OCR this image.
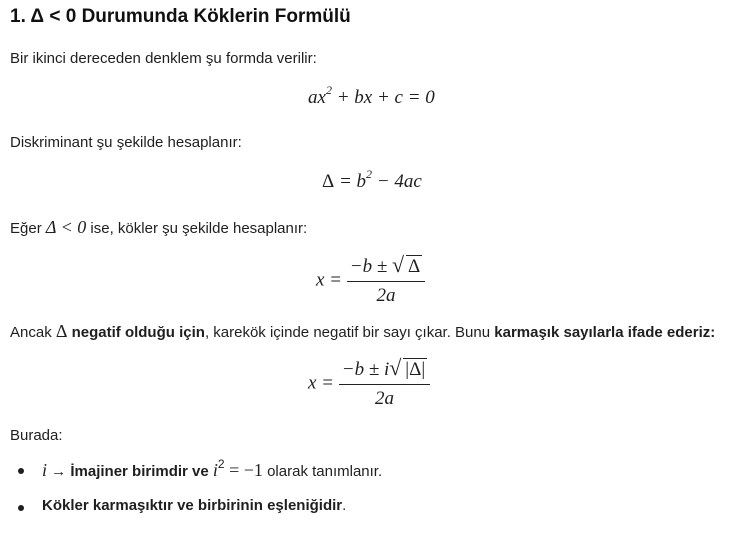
1. Δ < 0 Durumunda Köklerin Formülü
Bir ikinci dereceden denklem şu formda verilir:
$ax^2$ + bx + c = 0
Diskriminant şu şekilde hesaplanır:
$\Delta = b^2 - 4ac$
Eğer Δ < 0 ise, kökler şu şekilde hesaplanır:
$x = \frac{-b \pm √ \Delta}{2a}$
Ancak Δ negatif olduğu için, karekök içinde negatif bir sayı çıkar. Bunu karmaşık sayılarla ifade ederiz:
$x = \frac{-b \pm i √ |\Delta|}{2a}$
Burada:
i → İmajiner birimdir ve $i^2 = -1$ olarak tanımlanır.
Kökler karmaşıktır ve birbirinin eşleniğidir.
